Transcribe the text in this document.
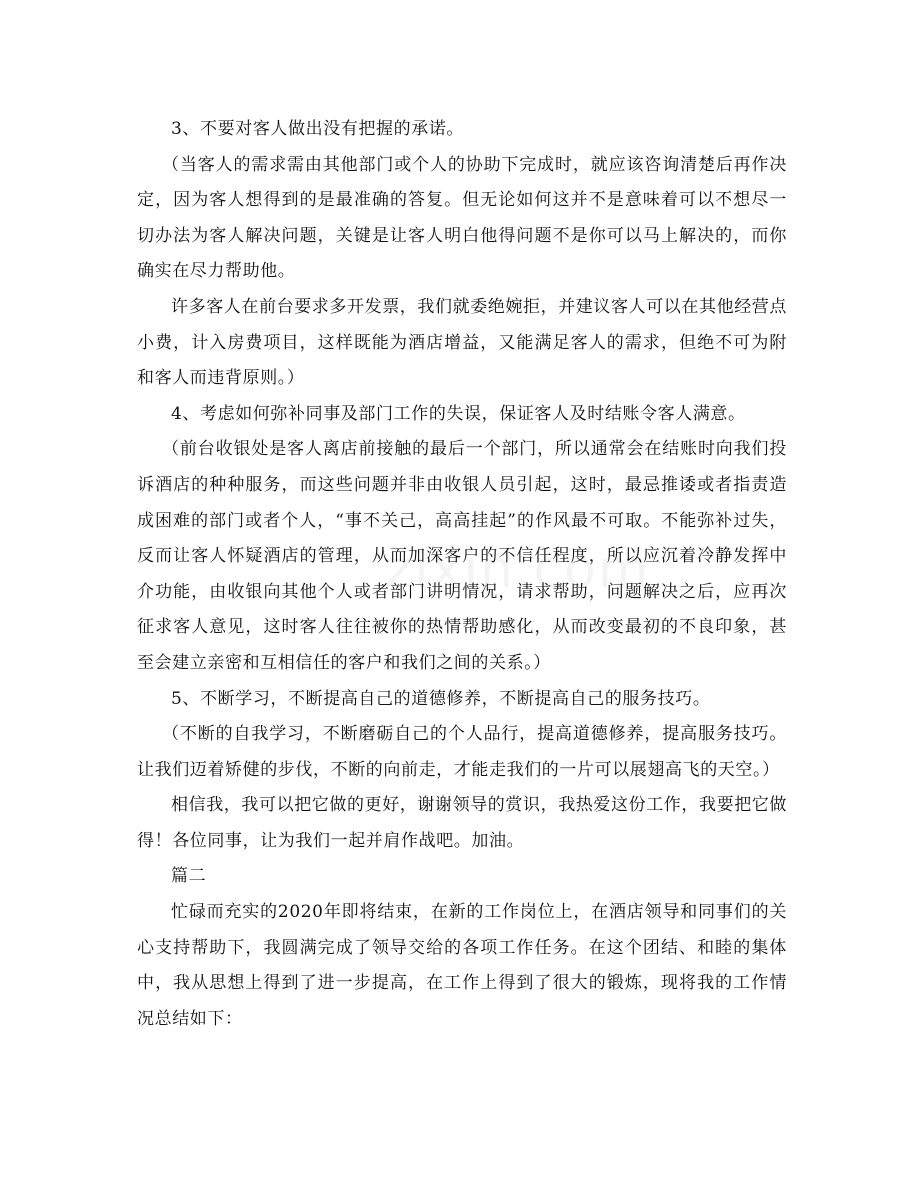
3、不要对客人做出没有把握的承诺。

（当客人的需求需由其他部门或个人的协助下完成时，就应该咨询清楚后再作决定，因为客人想得到的是最准确的答复。但无论如何这并不是意味着可以不想尽一切办法为客人解决问题，关键是让客人明白他得问题不是你可以马上解决的，而你确实在尽力帮助他。

许多客人在前台要求多开发票，我们就委绝婉拒，并建议客人可以在其他经营点小费，计入房费项目，这样既能为酒店增益，又能满足客人的需求，但绝不可为附和客人而违背原则。）

4、考虑如何弥补同事及部门工作的失误，保证客人及时结账令客人满意。

（前台收银处是客人离店前接触的最后一个部门，所以通常会在结账时向我们投诉酒店的种种服务，而这些问题并非由收银人员引起，这时，最忌推诿或者指责造成困难的部门或者个人，“事不关己，高高挂起”的作风最不可取。不能弥补过失，反而让客人怀疑酒店的管理，从而加深客户的不信任程度，所以应沉着冷静发挥中介功能，由收银向其他个人或者部门讲明情况，请求帮助，问题解决之后，应再次征求客人意见，这时客人往往被你的热情帮助感化，从而改变最初的不良印象，甚至会建立亲密和互相信任的客户和我们之间的关系。）

5、不断学习，不断提高自己的道德修养，不断提高自己的服务技巧。

（不断的自我学习，不断磨砺自己的个人品行，提高道德修养，提高服务技巧。让我们迈着矫健的步伐，不断的向前走，才能走我们的一片可以展翅高飞的天空。）

相信我，我可以把它做的更好，谢谢领导的赏识，我热爱这份工作，我要把它做得！各位同事，让为我们一起并肩作战吧。加油。

篇二

忙碌而充实的2020年即将结束，在新的工作岗位上，在酒店领导和同事们的关心支持帮助下，我圆满完成了领导交给的各项工作任务。在这个团结、和睦的集体中，我从思想上得到了进一步提高，在工作上得到了很大的锻炼，现将我的工作情况总结如下：
